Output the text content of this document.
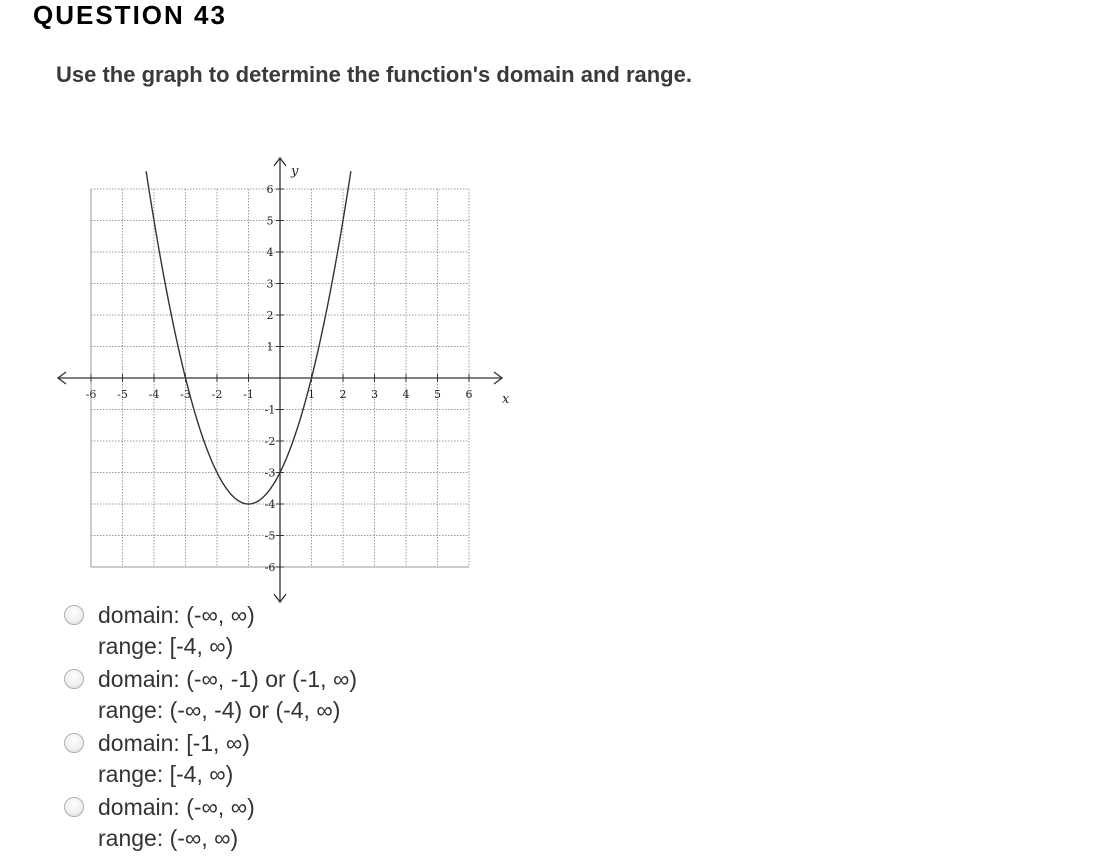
QUESTION 43
Use the graph to determine the function's domain and range.
x
y
-6 -5 -4 -3 -2 -1	1 2 3 4 5 6
6
5
4
3
2
1
-1
-2
-3
-4
-5
-6
domain: (-∞, ∞)
range: [-4, ∞)
domain: (-∞, -1) or (-1, ∞)
range: (-∞, -4) or (-4, ∞)
domain: [-1, ∞)
range: [-4, ∞)
domain: (-∞, ∞)
range: (-∞, ∞)
